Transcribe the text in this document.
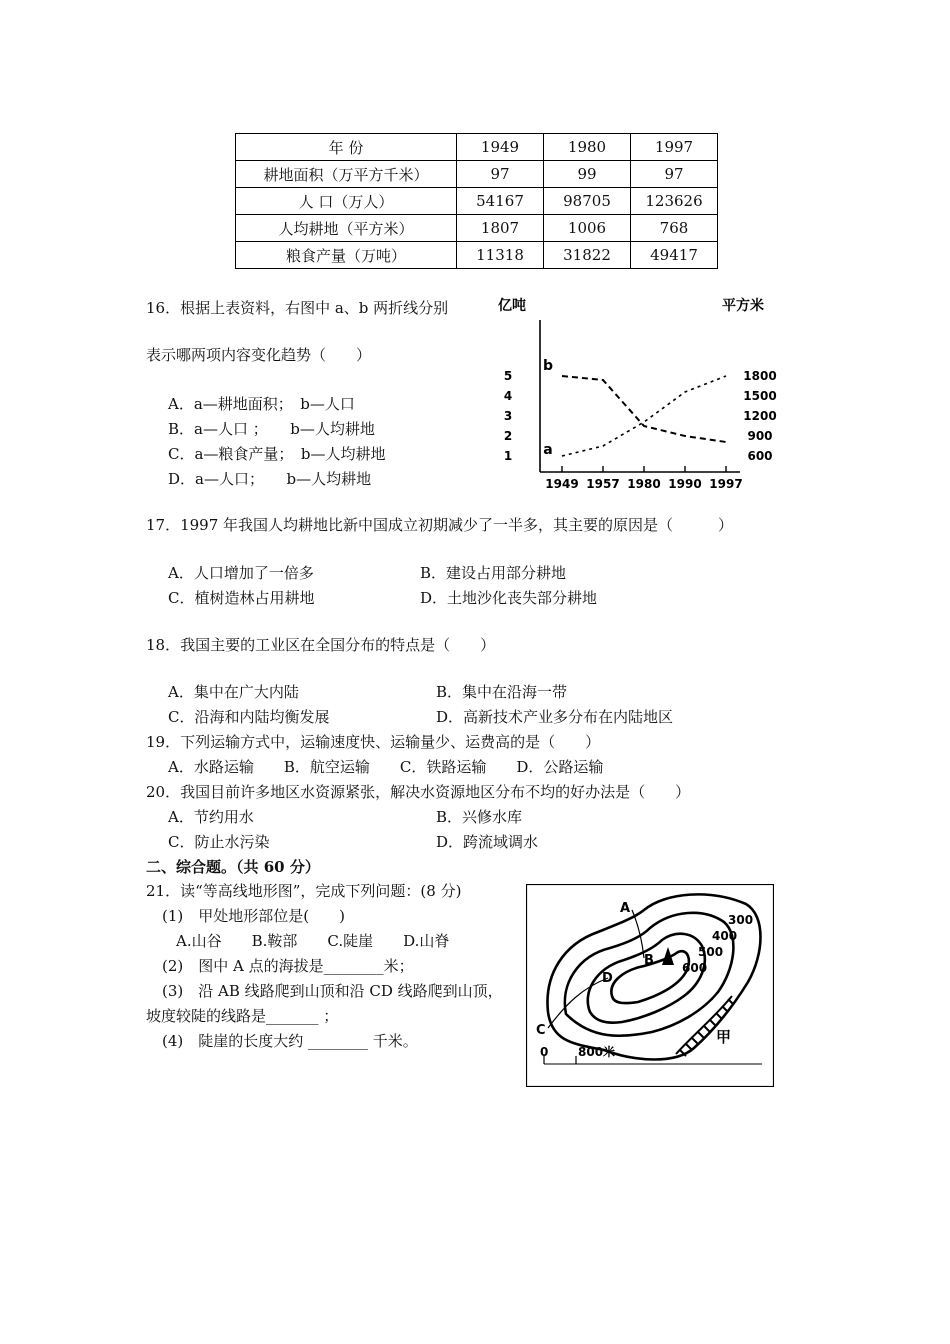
年 份	1949	1980	1997
耕地面积（万平方千米）	97	99	97
人 口（万人）	54167	98705	123626
人均耕地（平方米）	1807	1006	768
粮食产量（万吨）	11318	31822	49417
16．根据上表资料，右图中 a、b 两折线分别
表示哪两项内容变化趋势（　　）
A．a—耕地面积；　b—人口
B．a—人口 ；　　b—人均耕地
C．a—粮食产量；　b—人均耕地
D．a—人口；　　b—人均耕地
亿吨	平方米
1949 1957 1980 1990 1997
1
2
3
4
5
600
900
1200
1500
1800
a
b
17．1997 年我国人均耕地比新中国成立初期减少了一半多，其主要的原因是（　　　）
A．人口增加了一倍多	B．建设占用部分耕地
C．植树造林占用耕地	D．土地沙化丧失部分耕地
18．我国主要的工业区在全国分布的特点是（　　）
A．集中在广大内陆	B．集中在沿海一带
C．沿海和内陆均衡发展	D．高新技术产业多分布在内陆地区
19．下列运输方式中，运输速度快、运输量少、运费高的是（　　）
A．水路运输　　B．航空运输　　C．铁路运输　　D．公路运输
20．我国目前许多地区水资源紧张，解决水资源地区分布不均的好办法是（　　）
A．节约用水	B．兴修水库
C．防止水污染	D．跨流域调水
二、综合题。（共 60 分）
21．读“等高线地形图”，完成下列问题：(8 分)
(1)　甲处地形部位是(　　)
A.山谷　　B.鞍部　　C.陡崖　　D.山脊
(2)　图中 A 点的海拔是________米；
(3)　沿 AB 线路爬到山顶和沿 CD 线路爬到山顶，
坡度较陡的线路是_______ ；
(4)　陡崖的长度大约 ________ 千米。
A
B
C
D
300
400
500
600
甲
0 800米
